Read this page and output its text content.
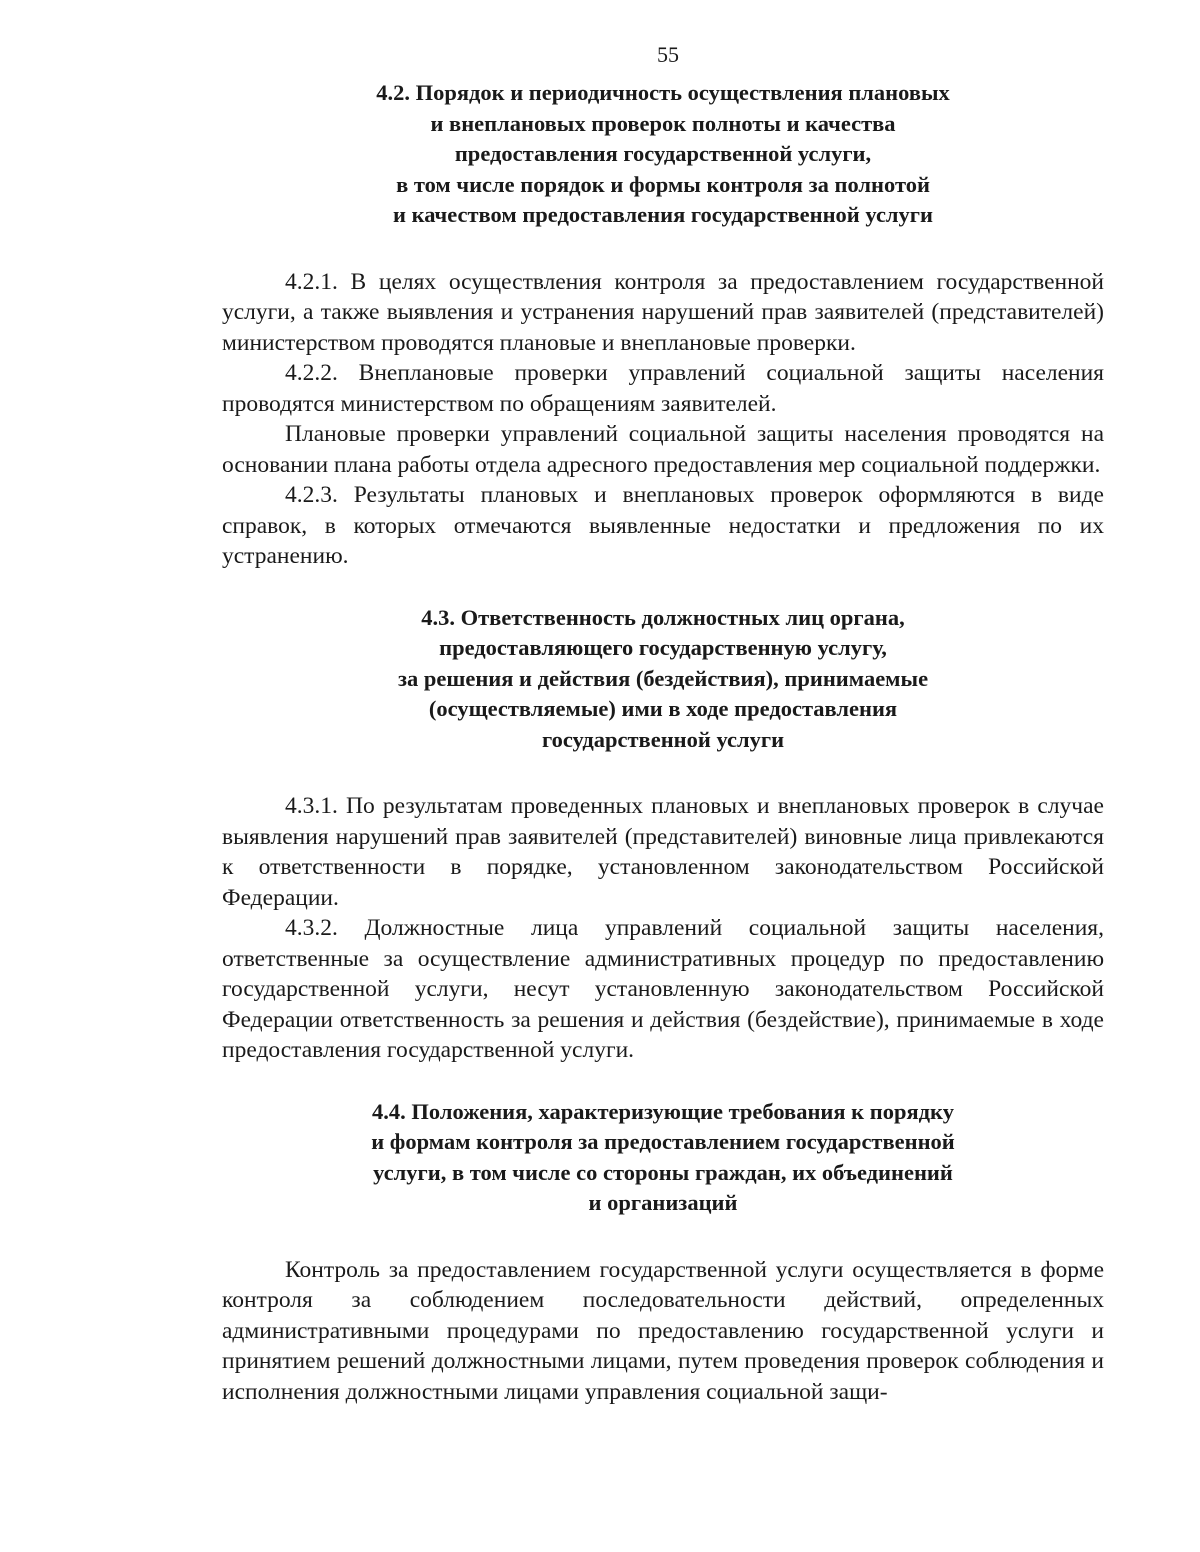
55
4.2. Порядок и периодичность осуществления плановых
и внеплановых проверок полноты и качества
предоставления государственной услуги,
в том числе порядок и формы контроля за полнотой
и качеством предоставления государственной услуги

4.2.1. В целях осуществления контроля за предоставлением государственной услуги, а также выявления и устранения нарушений прав заявителей (представителей) министерством проводятся плановые и внеплановые проверки.

4.2.2. Внеплановые проверки управлений социальной защиты населения проводятся министерством по обращениям заявителей.

Плановые проверки управлений социальной защиты населения проводятся на основании плана работы отдела адресного предоставления мер социальной поддержки.

4.2.3. Результаты плановых и внеплановых проверок оформляются в виде справок, в которых отмечаются выявленные недостатки и предложения по их устранению.

4.3. Ответственность должностных лиц органа,
предоставляющего государственную услугу,
за решения и действия (бездействия), принимаемые
(осуществляемые) ими в ходе предоставления
государственной услуги

4.3.1. По результатам проведенных плановых и внеплановых проверок в случае выявления нарушений прав заявителей (представителей) виновные лица привлекаются к ответственности в порядке, установленном законодательством Российской Федерации.

4.3.2. Должностные лица управлений социальной защиты населения, ответственные за осуществление административных процедур по предоставлению государственной услуги, несут установленную законодательством Российской Федерации ответственность за решения и действия (бездействие), принимаемые в ходе предоставления государственной услуги.

4.4. Положения, характеризующие требования к порядку
и формам контроля за предоставлением государственной
услуги, в том числе со стороны граждан, их объединений
и организаций

Контроль за предоставлением государственной услуги осуществляется в форме контроля за соблюдением последовательности действий, определенных административными процедурами по предоставлению государственной услуги и принятием решений должностными лицами, путем проведения проверок соблюдения и исполнения должностными лицами управления социальной защи-
